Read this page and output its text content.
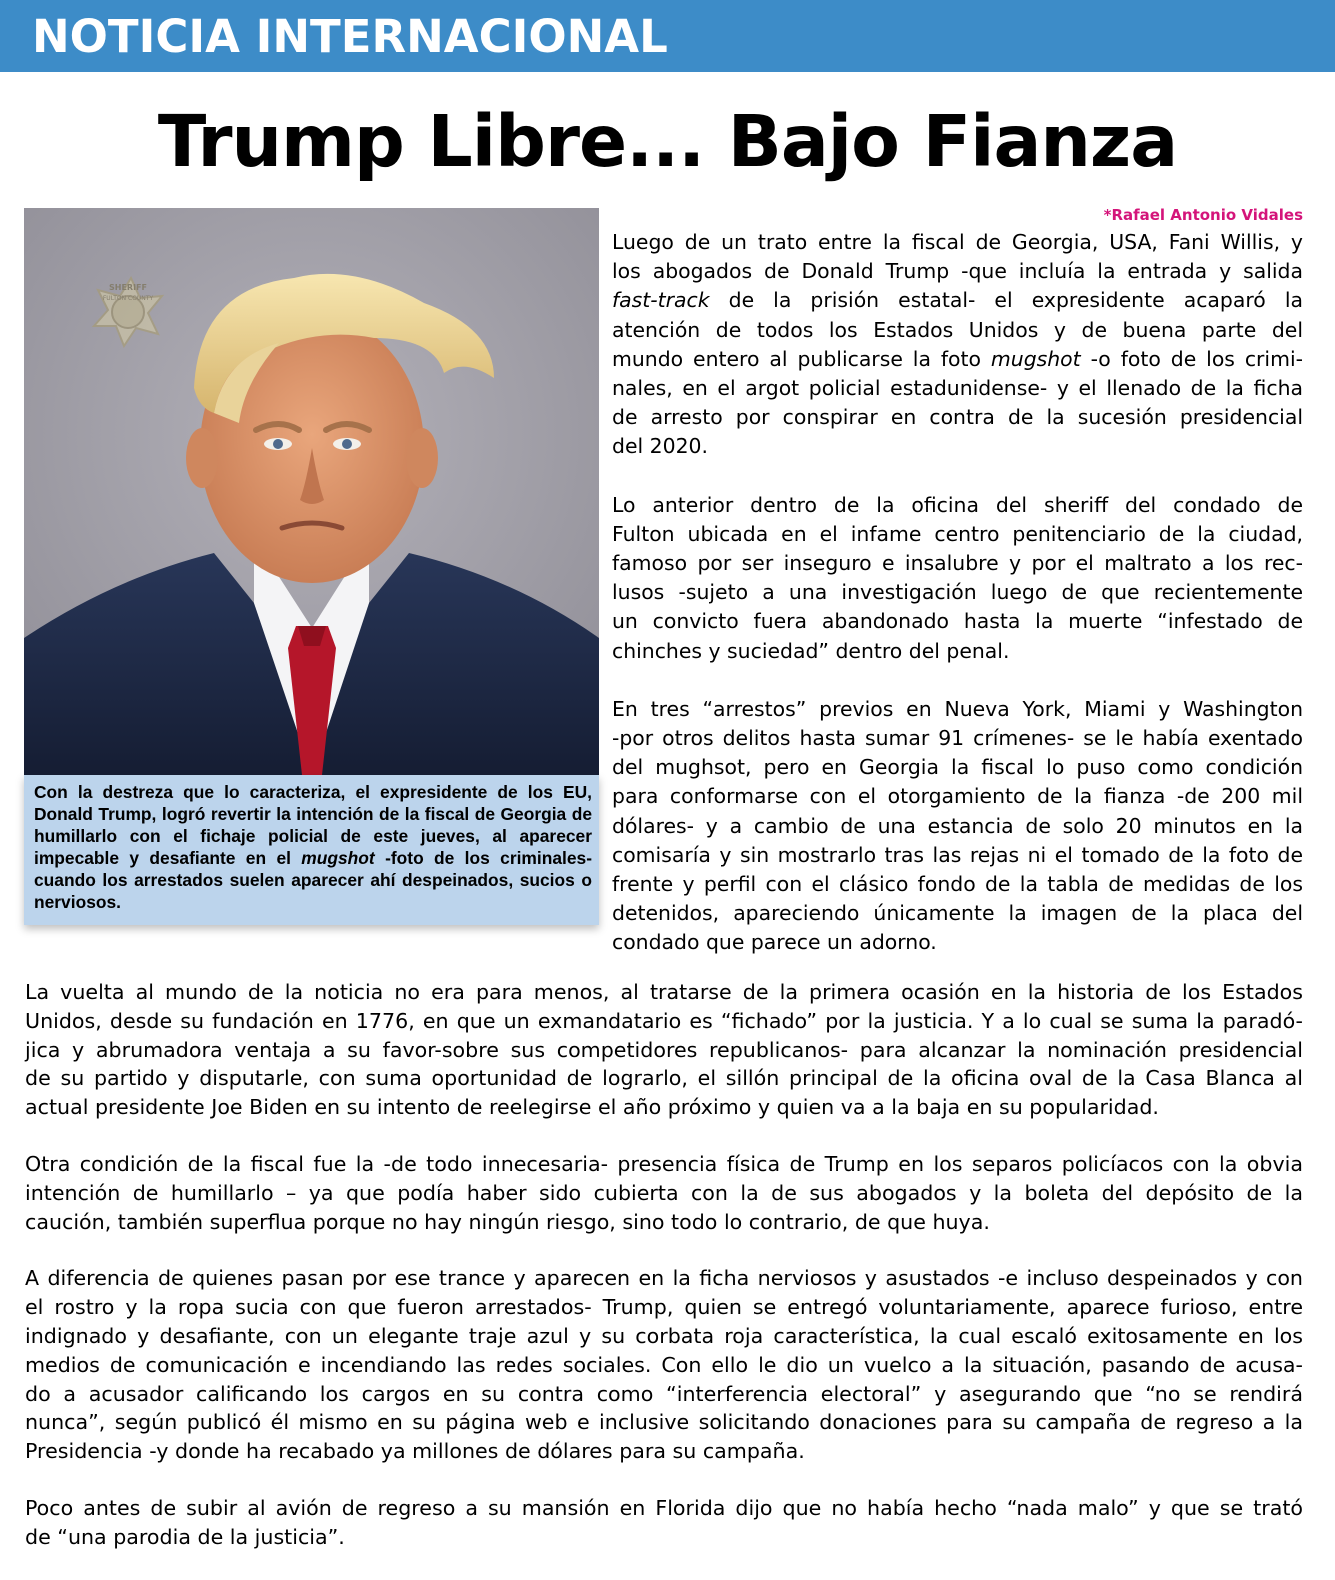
NOTICIA INTERNACIONAL
Trump Libre... Bajo Fianza
SHERIFF
FULTON COUNTY
Con la destreza que lo caracteriza, el expresidente de los EU, Donald Trump, logró revertir la intención de la fiscal de Georgia de humillarlo con el fichaje policial de este jueves, al aparecer impecable y desafiante en el mugshot -foto de los criminales- cuando los arrestados suelen aparecer ahí despeinados, sucios o nerviosos.
*Rafael Antonio Vidales
Luego de un trato entre la fiscal de Georgia, USA, Fani Willis, y
los abogados de Donald Trump -que incluía la entrada y salida
fast-track de la prisión estatal- el expresidente acaparó la
atención de todos los Estados Unidos y de buena parte del
mundo entero al publicarse la foto mugshot -o foto de los crimi-
nales, en el argot policial estadunidense- y el llenado de la ficha
de arresto por conspirar en contra de la sucesión presidencial
del 2020.
Lo anterior dentro de la oficina del sheriff del condado de
Fulton ubicada en el infame centro penitenciario de la ciudad,
famoso por ser inseguro e insalubre y por el maltrato a los rec-
lusos -sujeto a una investigación luego de que recientemente
un convicto fuera abandonado hasta la muerte “infestado de
chinches y suciedad” dentro del penal.
En tres “arrestos” previos en Nueva York, Miami y Washington
-por otros delitos hasta sumar 91 crímenes- se le había exentado
del mughsot, pero en Georgia la fiscal lo puso como condición
para conformarse con el otorgamiento de la fianza -de 200 mil
dólares- y a cambio de una estancia de solo 20 minutos en la
comisaría y sin mostrarlo tras las rejas ni el tomado de la foto de
frente y perfil con el clásico fondo de la tabla de medidas de los
detenidos, apareciendo únicamente la imagen de la placa del
condado que parece un adorno.
La vuelta al mundo de la noticia no era para menos, al tratarse de la primera ocasión en la historia de los Estados
Unidos, desde su fundación en 1776, en que un exmandatario es “fichado” por la justicia. Y a lo cual se suma la paradó-
jica y abrumadora ventaja a su favor-sobre sus competidores republicanos- para alcanzar la nominación presidencial
de su partido y disputarle, con suma oportunidad de lograrlo, el sillón principal de la oficina oval de la Casa Blanca al
actual presidente Joe Biden en su intento de reelegirse el año próximo y quien va a la baja en su popularidad.
Otra condición de la fiscal fue la -de todo innecesaria- presencia física de Trump en los separos policíacos con la obvia
intención de humillarlo – ya que podía haber sido cubierta con la de sus abogados y la boleta del depósito de la
caución, también superflua porque no hay ningún riesgo, sino todo lo contrario, de que huya.
A diferencia de quienes pasan por ese trance y aparecen en la ficha nerviosos y asustados -e incluso despeinados y con
el rostro y la ropa sucia con que fueron arrestados- Trump, quien se entregó voluntariamente, aparece furioso, entre
indignado y desafiante, con un elegante traje azul y su corbata roja característica, la cual escaló exitosamente en los
medios de comunicación e incendiando las redes sociales. Con ello le dio un vuelco a la situación, pasando de acusa-
do a acusador calificando los cargos en su contra como “interferencia electoral” y asegurando que “no se rendirá
nunca”, según publicó él mismo en su página web e inclusive solicitando donaciones para su campaña de regreso a la
Presidencia -y donde ha recabado ya millones de dólares para su campaña.
Poco antes de subir al avión de regreso a su mansión en Florida dijo que no había hecho “nada malo” y que se trató
de “una parodia de la justicia”.
